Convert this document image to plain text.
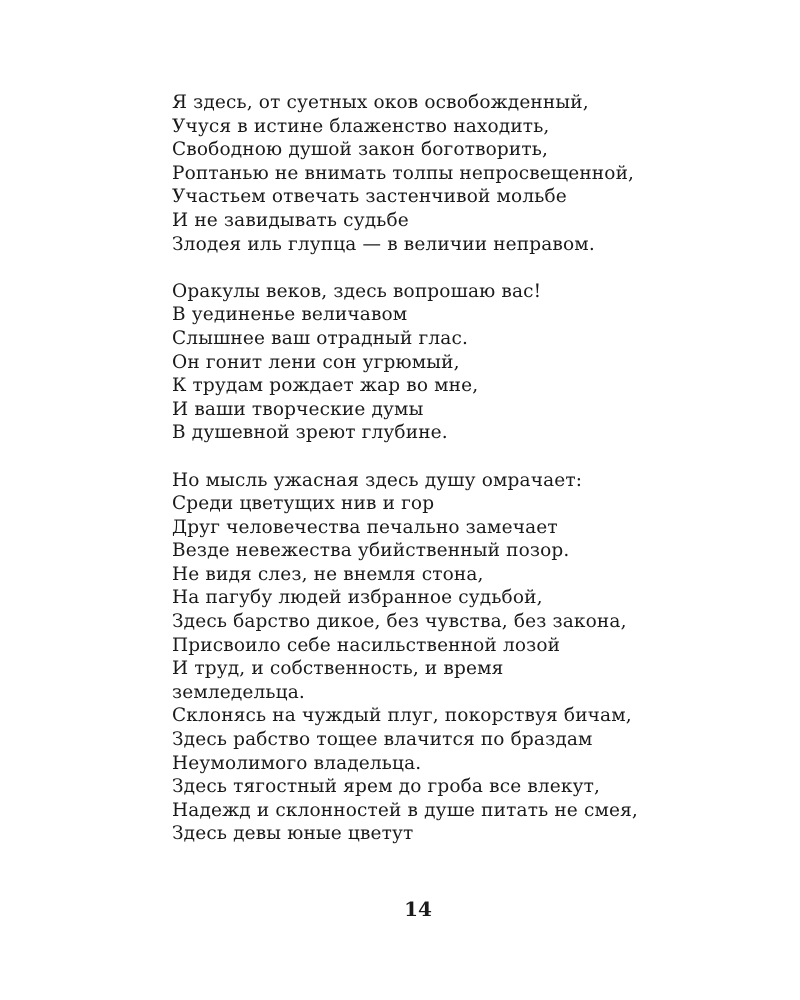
Я здесь, от суетных оков освобожденный,
Учуся в истине блаженство находить,
Свободною душой закон боготворить,
Роптанью не внимать толпы непросвещенной,
Участьем отвечать застенчивой мольбе
И не завидывать судьбе
Злодея иль глупца — в величии неправом.
Оракулы веков, здесь вопрошаю вас!
В уединенье величавом
Слышнее ваш отрадный глас.
Он гонит лени сон угрюмый,
К трудам рождает жар во мне,
И ваши творческие думы
В душевной зреют глубине.
Но мысль ужасная здесь душу омрачает:
Среди цветущих нив и гор
Друг человечества печально замечает
Везде невежества убийственный позор.
Не видя слез, не внемля стона,
На пагубу людей избранное судьбой,
Здесь барство дикое, без чувства, без закона,
Присвоило себе насильственной лозой
И труд, и собственность, и время
земледельца.
Склонясь на чуждый плуг, покорствуя бичам,
Здесь рабство тощее влачится по браздам
Неумолимого владельца.
Здесь тягостный ярем до гроба все влекут,
Надежд и склонностей в душе питать не смея,
Здесь девы юные цветут
14
